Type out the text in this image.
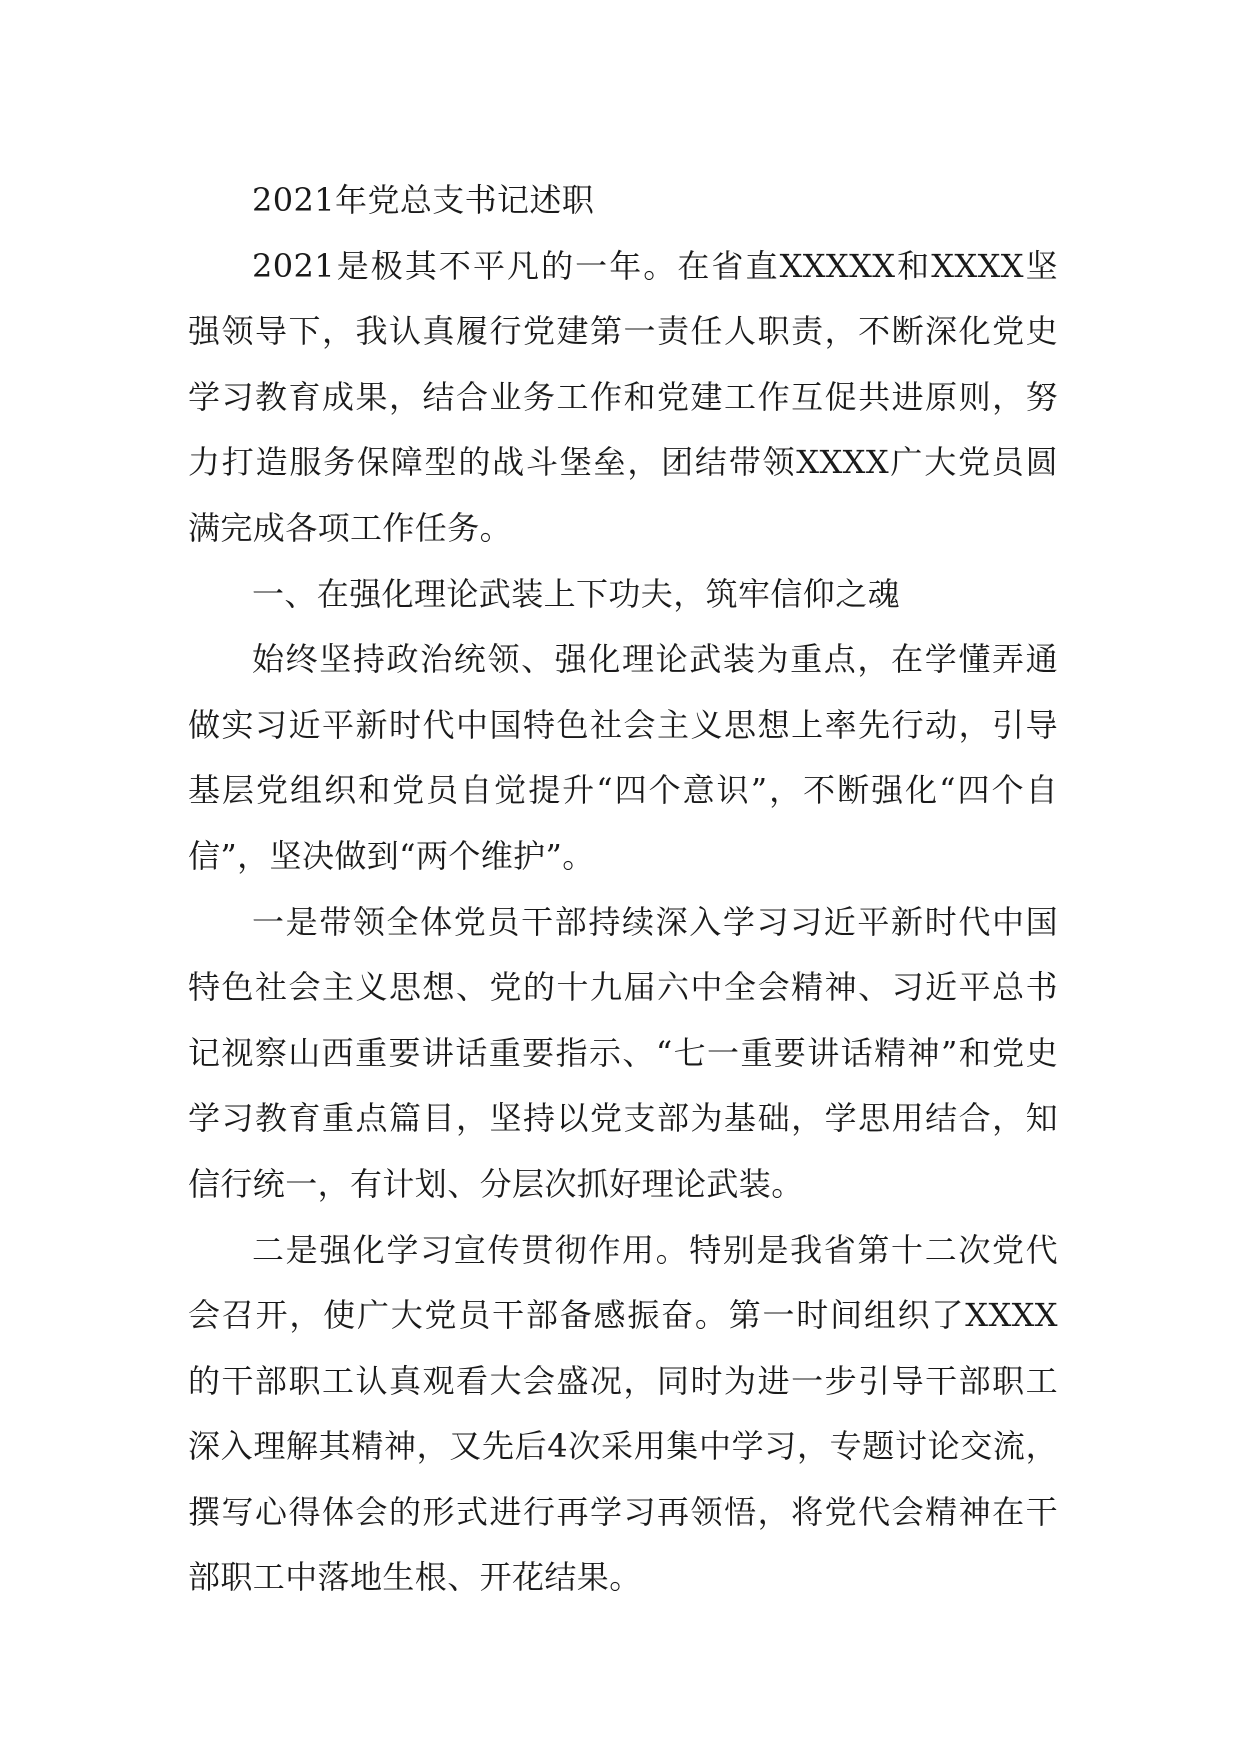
2021年党总支书记述职

2021是极其不平凡的一年。在省直XXXXX和XXXX坚强领导下，我认真履行党建第一责任人职责，不断深化党史学习教育成果，结合业务工作和党建工作互促共进原则，努力打造服务保障型的战斗堡垒，团结带领XXXX广大党员圆满完成各项工作任务。

一、在强化理论武装上下功夫，筑牢信仰之魂

始终坚持政治统领、强化理论武装为重点，在学懂弄通做实习近平新时代中国特色社会主义思想上率先行动，引导基层党组织和党员自觉提升“四个意识”，不断强化“四个自信”，坚决做到“两个维护”。

一是带领全体党员干部持续深入学习习近平新时代中国特色社会主义思想、党的十九届六中全会精神、习近平总书记视察山西重要讲话重要指示、“七一重要讲话精神”和党史学习教育重点篇目，坚持以党支部为基础，学思用结合，知信行统一，有计划、分层次抓好理论武装。

二是强化学习宣传贯彻作用。特别是我省第十二次党代会召开，使广大党员干部备感振奋。第一时间组织了XXXX的干部职工认真观看大会盛况，同时为进一步引导干部职工深入理解其精神，又先后4次采用集中学习，专题讨论交流，撰写心得体会的形式进行再学习再领悟，将党代会精神在干部职工中落地生根、开花结果。
